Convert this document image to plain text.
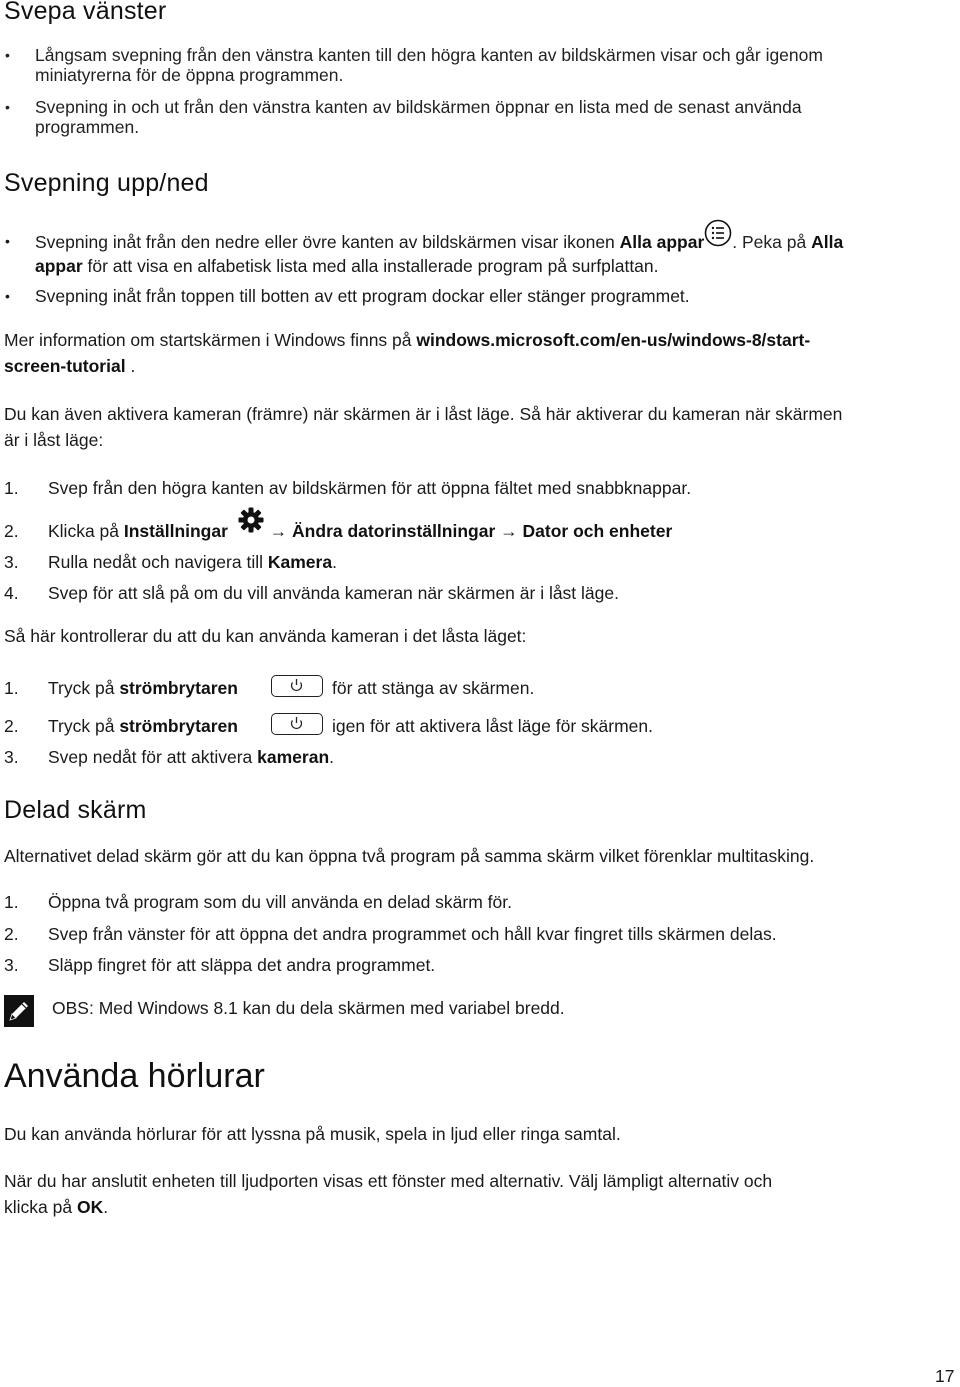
Svepa vänster
• Långsam svepning från den vänstra kanten till den högra kanten av bildskärmen visar och går igenom
miniatyrerna för de öppna programmen.
• Svepning in och ut från den vänstra kanten av bildskärmen öppnar en lista med de senast använda
programmen.
Svepning upp/ned
• Svepning inåt från den nedre eller övre kanten av bildskärmen visar ikonen Alla appar . Peka på Alla
appar för att visa en alfabetisk lista med alla installerade program på surfplattan.
• Svepning inåt från toppen till botten av ett program dockar eller stänger programmet.
Mer information om startskärmen i Windows finns på windows.microsoft.com/en-us/windows-8/start-
screen-tutorial .
Du kan även aktivera kameran (främre) när skärmen är i låst läge. Så här aktiverar du kameran när skärmen
är i låst läge:
1. Svep från den högra kanten av bildskärmen för att öppna fältet med snabbknappar.
2. Klicka på Inställningar → Ändra datorinställningar → Dator och enheter
3. Rulla nedåt och navigera till Kamera.
4. Svep för att slå på om du vill använda kameran när skärmen är i låst läge.
Så här kontrollerar du att du kan använda kameran i det låsta läget:
1. Tryck på strömbrytaren	för att stänga av skärmen.
2. Tryck på strömbrytaren	igen för att aktivera låst läge för skärmen.
3. Svep nedåt för att aktivera kameran.
Delad skärm
Alternativet delad skärm gör att du kan öppna två program på samma skärm vilket förenklar multitasking.
1. Öppna två program som du vill använda en delad skärm för.
2. Svep från vänster för att öppna det andra programmet och håll kvar fingret tills skärmen delas.
3. Släpp fingret för att släppa det andra programmet.
OBS: Med Windows 8.1 kan du dela skärmen med variabel bredd.
Använda hörlurar
Du kan använda hörlurar för att lyssna på musik, spela in ljud eller ringa samtal.
När du har anslutit enheten till ljudporten visas ett fönster med alternativ. Välj lämpligt alternativ och
klicka på OK.
17
